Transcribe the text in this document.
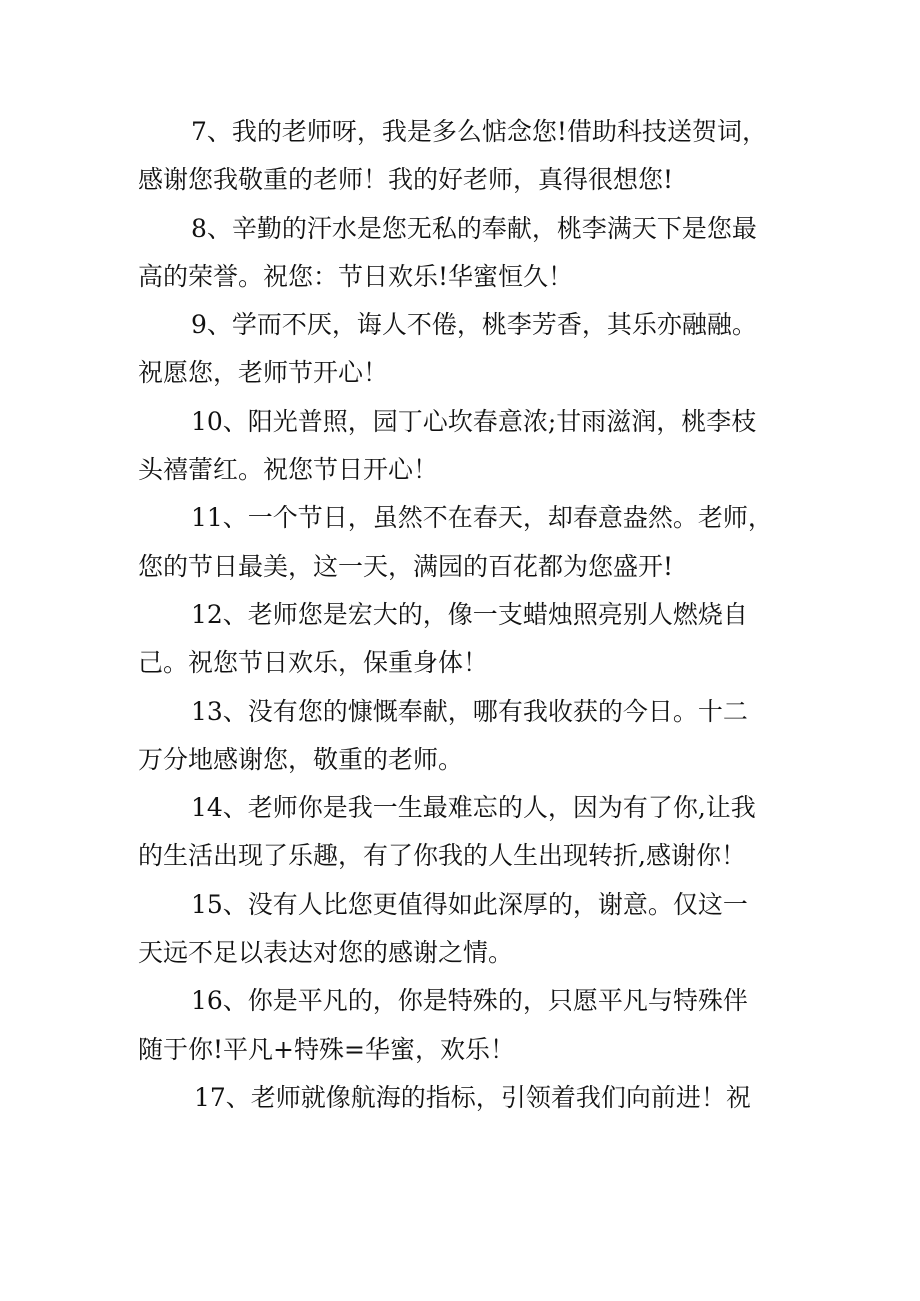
7、我的老师呀，我是多么惦念您!借助科技送贺词，
感谢您我敬重的老师！我的好老师，真得很想您!
8、辛勤的汗水是您无私的奉献，桃李满天下是您最
高的荣誉。祝您：节日欢乐!华蜜恒久！
9、学而不厌，诲人不倦，桃李芳香，其乐亦融融。
祝愿您，老师节开心！
10、阳光普照，园丁心坎春意浓;甘雨滋润，桃李枝
头禧蕾红。祝您节日开心！
11、一个节日，虽然不在春天，却春意盎然。老师，
您的节日最美，这一天，满园的百花都为您盛开!
12、老师您是宏大的，像一支蜡烛照亮别人燃烧自
己。祝您节日欢乐，保重身体！
13、没有您的慷慨奉献，哪有我收获的今日。十二
万分地感谢您，敬重的老师。
14、老师你是我一生最难忘的人，因为有了你,让我
的生活出现了乐趣，有了你我的人生出现转折,感谢你！
15、没有人比您更值得如此深厚的，谢意。仅这一
天远不足以表达对您的感谢之情。
16、你是平凡的，你是特殊的，只愿平凡与特殊伴
随于你!平凡+特殊=华蜜，欢乐！
17、老师就像航海的指标，引领着我们向前进！祝
